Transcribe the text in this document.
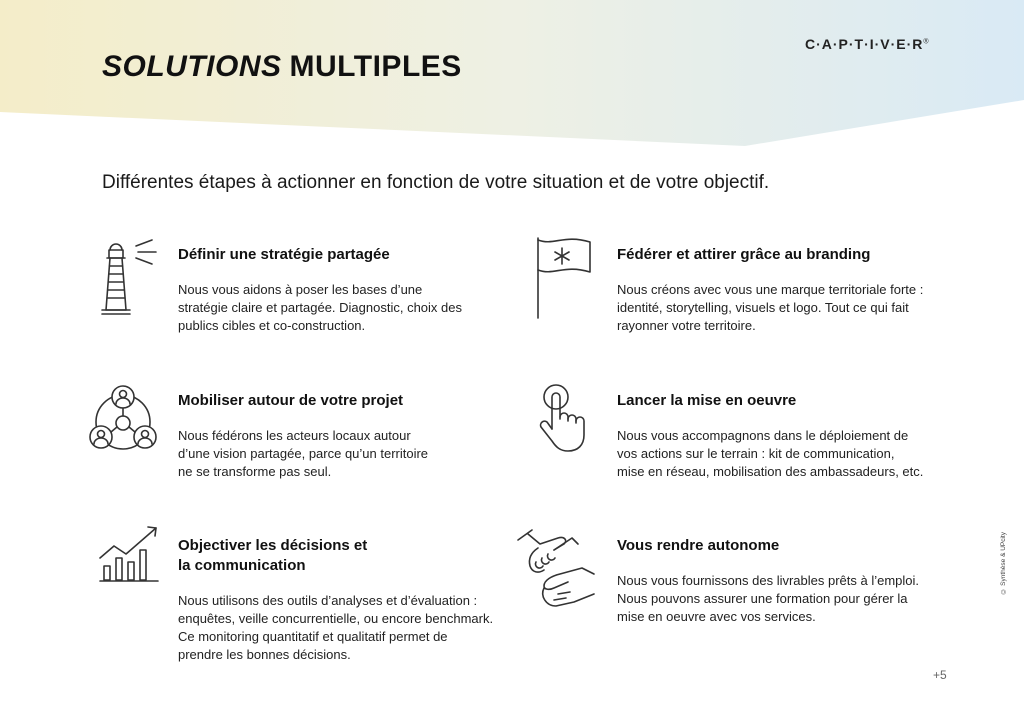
SOLUTIONS MULTIPLES
C·A·P·T·I·V·E·R®

Différentes étapes à actionner en fonction de votre situation et de votre objectif.

Définir une stratégie partagée

Nous vous aidons à poser les bases d’une
stratégie claire et partagée. Diagnostic, choix des
publics cibles et co-construction.

Fédérer et attirer grâce au branding

Nous créons avec vous une marque territoriale forte :
identité, storytelling, visuels et logo. Tout ce qui fait
rayonner votre territoire.

Mobiliser autour de votre projet

Nous fédérons les acteurs locaux autour
d’une vision partagée, parce qu’un territoire
ne se transforme pas seul.

Lancer la mise en oeuvre

Nous vous accompagnons dans le déploiement de
vos actions sur le terrain : kit de communication,
mise en réseau, mobilisation des ambassadeurs, etc.

Objectiver les décisions et
la communication

Nous utilisons des outils d’analyses et d’évaluation :
enquêtes, veille concurrentielle, ou encore benchmark.
Ce monitoring quantitatif et qualitatif permet de
prendre les bonnes décisions.

Vous rendre autonome

Nous vous fournissons des livrables prêts à l’emploi.
Nous pouvons assurer une formation pour gérer la
mise en oeuvre avec vos services.

© Synthèse & UPcity
+5
